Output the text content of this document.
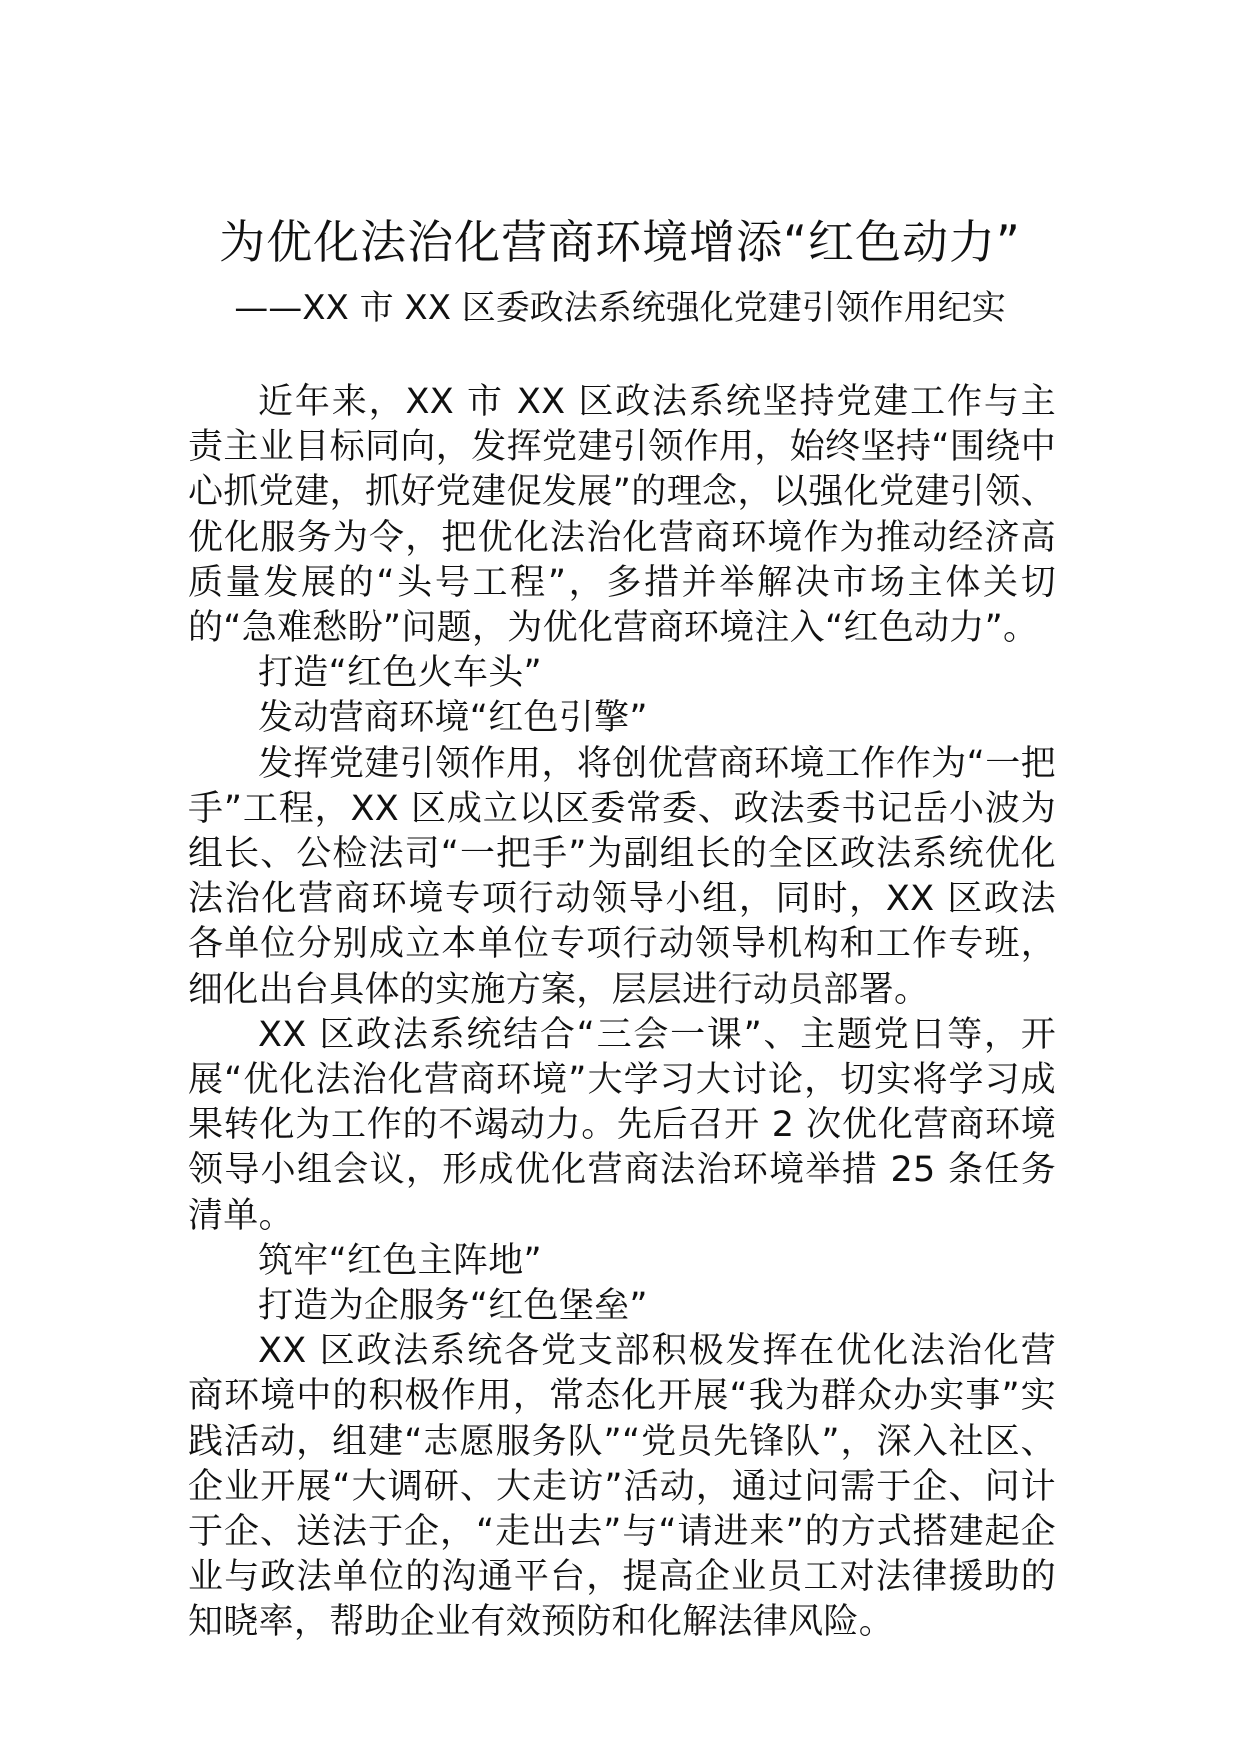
为优化法治化营商环境增添“红色动力”
——XX 市 XX 区委政法系统强化党建引领作用纪实

近年来，XX 市 XX 区政法系统坚持党建工作与主责主业目标同向，发挥党建引领作用，始终坚持“围绕中心抓党建，抓好党建促发展”的理念，以强化党建引领、优化服务为令，把优化法治化营商环境作为推动经济高质量发展的“头号工程”，多措并举解决市场主体关切的“急难愁盼”问题，为优化营商环境注入“红色动力”。

打造“红色火车头”

发动营商环境“红色引擎”

发挥党建引领作用，将创优营商环境工作作为“一把手”工程，XX 区成立以区委常委、政法委书记岳小波为组长、公检法司“一把手”为副组长的全区政法系统优化法治化营商环境专项行动领导小组，同时，XX 区政法各单位分别成立本单位专项行动领导机构和工作专班，细化出台具体的实施方案，层层进行动员部署。

XX 区政法系统结合“三会一课”、主题党日等，开展“优化法治化营商环境”大学习大讨论，切实将学习成果转化为工作的不竭动力。先后召开 2 次优化营商环境领导小组会议，形成优化营商法治环境举措 25 条任务清单。

筑牢“红色主阵地”

打造为企服务“红色堡垒”

XX 区政法系统各党支部积极发挥在优化法治化营商环境中的积极作用，常态化开展“我为群众办实事”实践活动，组建“志愿服务队”“党员先锋队”，深入社区、企业开展“大调研、大走访”活动，通过问需于企、问计于企、送法于企，“走出去”与“请进来”的方式搭建起企业与政法单位的沟通平台，提高企业员工对法律援助的知晓率，帮助企业有效预防和化解法律风险。
